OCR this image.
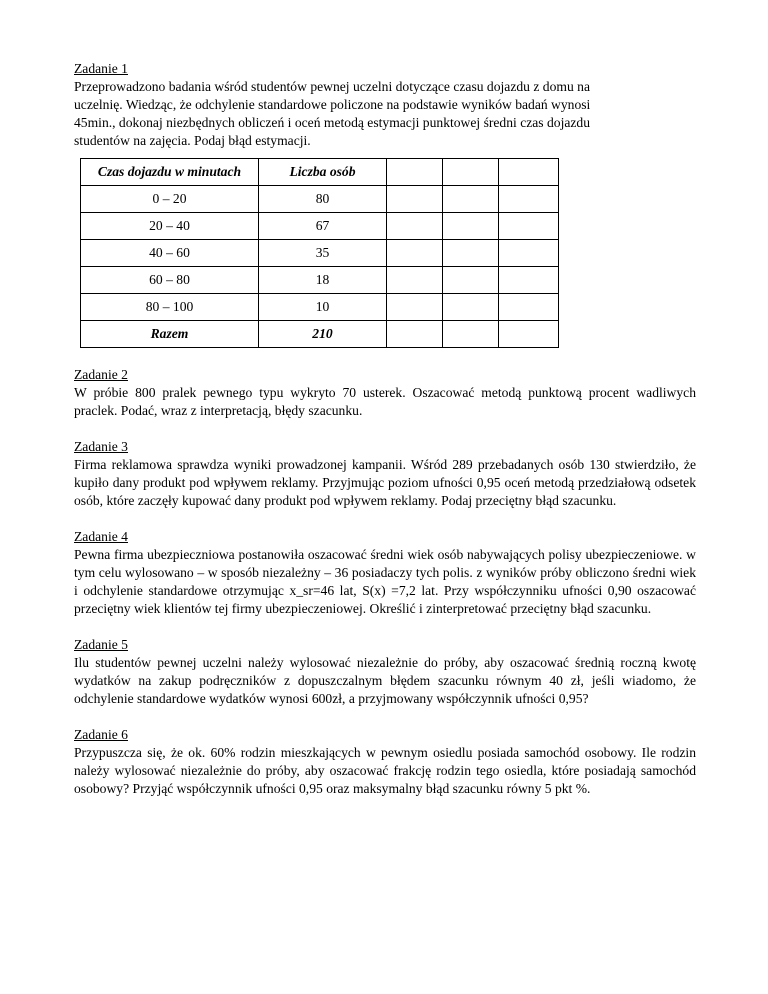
Zadanie 1

Przeprowadzono badania wśród studentów pewnej uczelni dotyczące czasu dojazdu z domu na
uczelnię. Wiedząc, że odchylenie standardowe policzone na podstawie wyników badań wynosi
45min., dokonaj niezbędnych obliczeń i oceń metodą estymacji punktowej średni czas dojazdu
studentów na zajęcia. Podaj błąd estymacji.

Czas dojazdu w minutach	Liczba osób			
0 – 20	80			
20 – 40	67			
40 – 60	35			
60 – 80	18			
80 – 100	10			
Razem	210			

Zadanie 2

W próbie 800 pralek pewnego typu wykryto 70 usterek. Oszacować metodą punktową procent wadliwych praclek. Podać, wraz z interpretacją, błędy szacunku.

Zadanie 3

Firma reklamowa sprawdza wyniki prowadzonej kampanii. Wśród 289 przebadanych osób 130 stwierdziło, że kupiło dany produkt pod wpływem reklamy. Przyjmując poziom ufności 0,95 oceń metodą przedziałową odsetek osób, które zaczęły kupować dany produkt pod wpływem reklamy. Podaj przeciętny błąd szacunku.

Zadanie 4

Pewna firma ubezpieczniowa postanowiła oszacować średni wiek osób nabywających polisy ubezpieczeniowe. w tym celu wylosowano – w sposób niezależny – 36 posiadaczy tych polis. z wyników próby obliczono średni wiek i odchylenie standardowe otrzymując x_sr=46 lat, S(x) =7,2 lat. Przy współczynniku ufności 0,90 oszacować przeciętny wiek klientów tej firmy ubezpieczeniowej. Określić i zinterpretować przeciętny błąd szacunku.

Zadanie 5

Ilu studentów pewnej uczelni należy wylosować niezależnie do próby, aby oszacować średnią roczną kwotę wydatków na zakup podręczników z dopuszczalnym błędem szacunku równym 40 zł, jeśli wiadomo, że odchylenie standardowe wydatków wynosi 600zł, a przyjmowany współczynnik ufności 0,95?

Zadanie 6

Przypuszcza się, że ok. 60% rodzin mieszkających w pewnym osiedlu posiada samochód osobowy. Ile rodzin należy wylosować niezależnie do próby, aby oszacować frakcję rodzin tego osiedla, które posiadają samochód osobowy? Przyjąć współczynnik ufności 0,95 oraz maksymalny błąd szacunku równy 5 pkt %.
